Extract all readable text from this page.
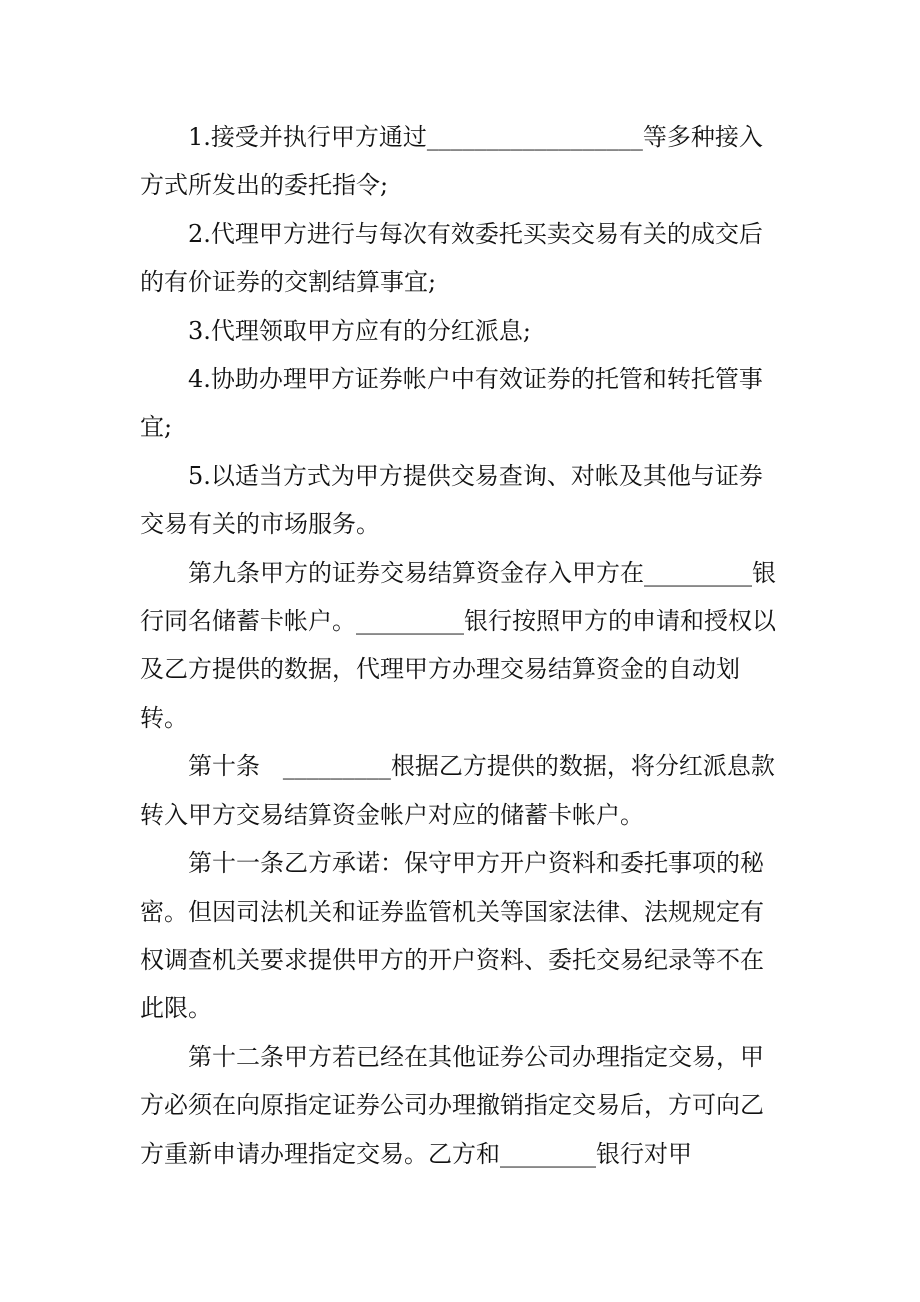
1.接受并执行甲方通过__________________等多种接入方式所发出的委托指令;

2.代理甲方进行与每次有效委托买卖交易有关的成交后的有价证券的交割结算事宜;

3.代理领取甲方应有的分红派息;

4.协助办理甲方证券帐户中有效证券的托管和转托管事宜;

5.以适当方式为甲方提供交易查询、对帐及其他与证券交易有关的市场服务。

第九条甲方的证券交易结算资金存入甲方在_________银行同名储蓄卡帐户。_________银行按照甲方的申请和授权以及乙方提供的数据，代理甲方办理交易结算资金的自动划转。

第十条   _________根据乙方提供的数据，将分红派息款转入甲方交易结算资金帐户对应的储蓄卡帐户。

第十一条乙方承诺：保守甲方开户资料和委托事项的秘密。但因司法机关和证券监管机关等国家法律、法规规定有权调查机关要求提供甲方的开户资料、委托交易纪录等不在此限。

第十二条甲方若已经在其他证券公司办理指定交易，甲方必须在向原指定证券公司办理撤销指定交易后，方可向乙方重新申请办理指定交易。乙方和________银行对甲
